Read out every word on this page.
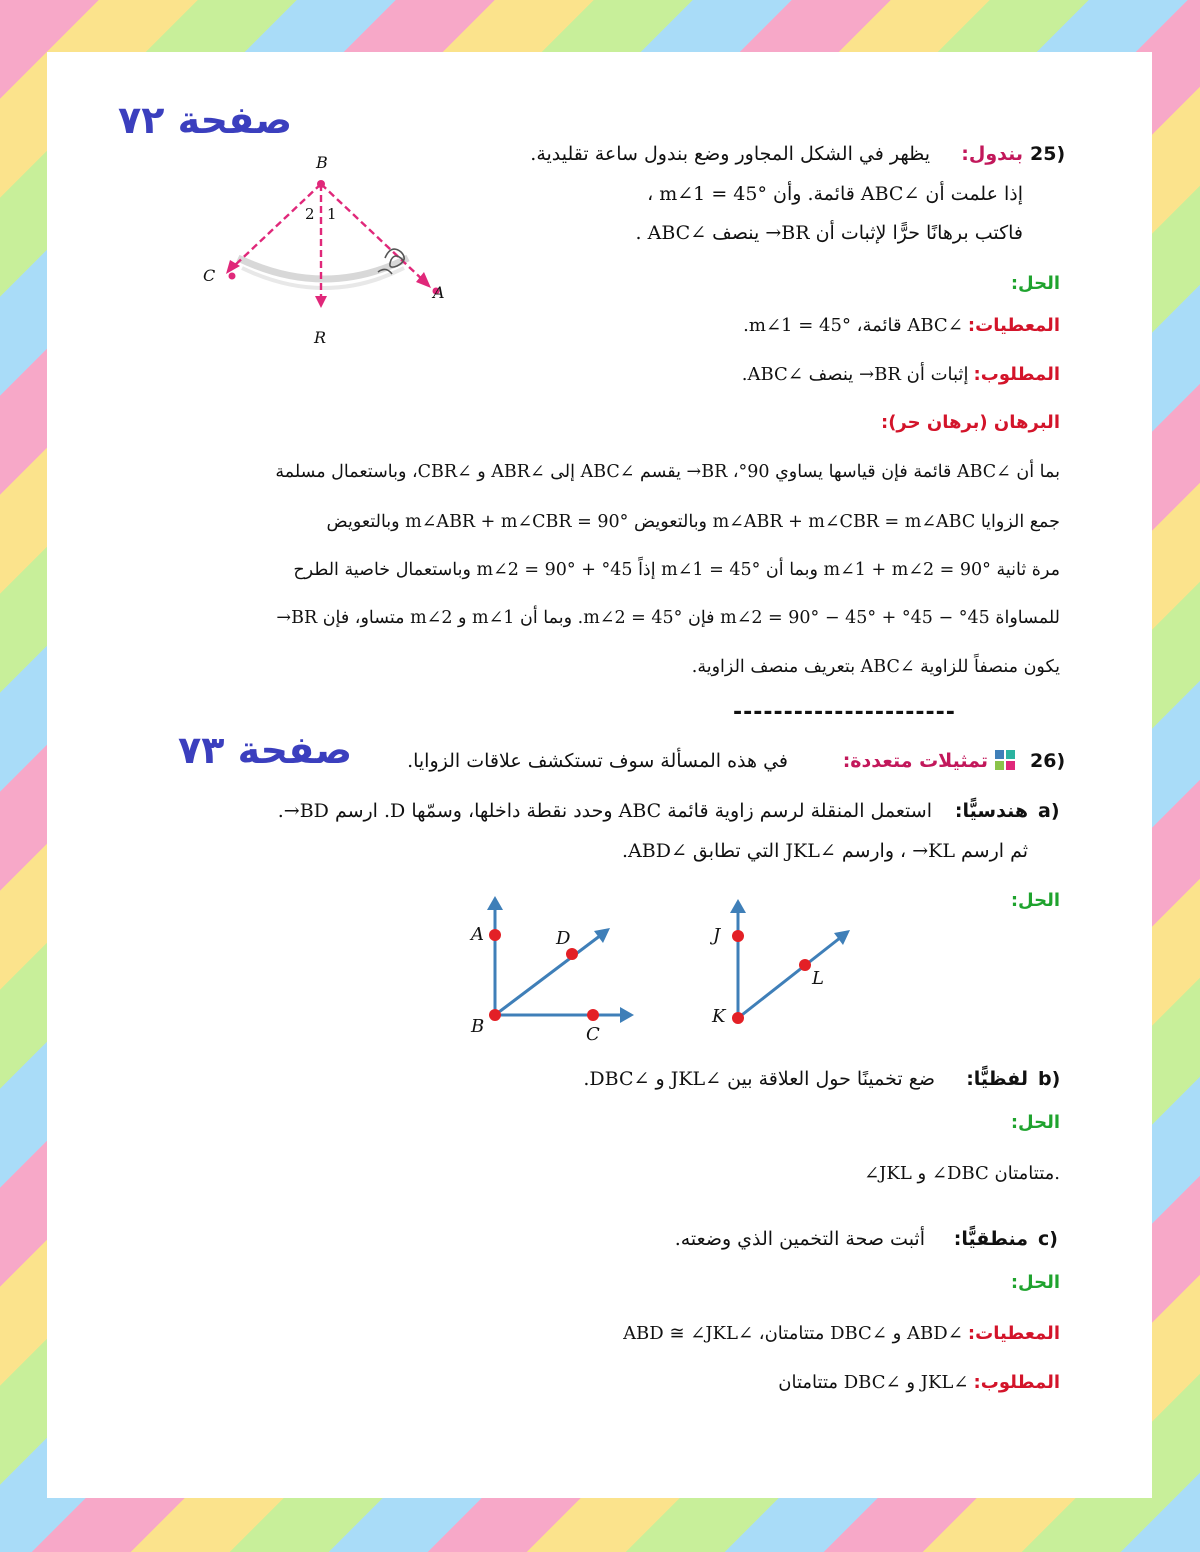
صفحة ٧٢
B
A
C
R
2 1
25)
بندول:
يظهر في الشكل المجاور وضع بندول ساعة تقليدية.
إذا علمت أن ∠ABC قائمة. وأن m∠1 = 45° ،
فاكتب برهانًا حرًّا لإثبات أن BR→ ينصف ∠ABC .
الحل:
المعطيات: ∠ABC قائمة، m∠1 = 45°.
المطلوب: إثبات أن BR→ ينصف ∠ABC.
البرهان (برهان حر):
بما أن ∠ABC قائمة فإن قياسها يساوي 90°، BR→ يقسم ∠ABC إلى ∠ABR و ∠CBR، وباستعمال مسلمة
جمع الزوايا m∠ABR + m∠CBR = m∠ABC وبالتعويض m∠ABR + m∠CBR = 90° وبالتعويض
مرة ثانية m∠1 + m∠2 = 90° وبما أن m∠1 = 45° إذاً 45° + m∠2 = 90° وباستعمال خاصية الطرح
للمساواة 45° − 45° + m∠2 = 90° − 45° فإن m∠2 = 45°. وبما أن m∠1 و m∠2 متساو، فإن BR→
يكون منصفاً للزاوية ∠ABC بتعريف منصف الزاوية.
----------------------
صفحة ٧٣	26)
تمثيلات متعددة:
في هذه المسألة سوف تستكشف علاقات الزوايا.
a)
هندسيًّا:
استعمل المنقلة لرسم زاوية قائمة ABC وحدد نقطة داخلها، وسمّها D. ارسم BD→.
ثم ارسم KL→ ، وارسم ∠JKL التي تطابق ∠ABD.
الحل:
A
B	C
D	J
K
L
b)
لفظيًّا:
ضع تخمينًا حول العلاقة بين ∠JKL و ∠DBC.
الحل:
∠JKL و ∠DBC متتامتان.
c)
منطقيًّا:
أثبت صحة التخمين الذي وضعته.
الحل:
المعطيات: ∠ABD و ∠DBC متتامتان، ∠ABD ≅ ∠JKL
المطلوب: ∠JKL و ∠DBC متتامتان
